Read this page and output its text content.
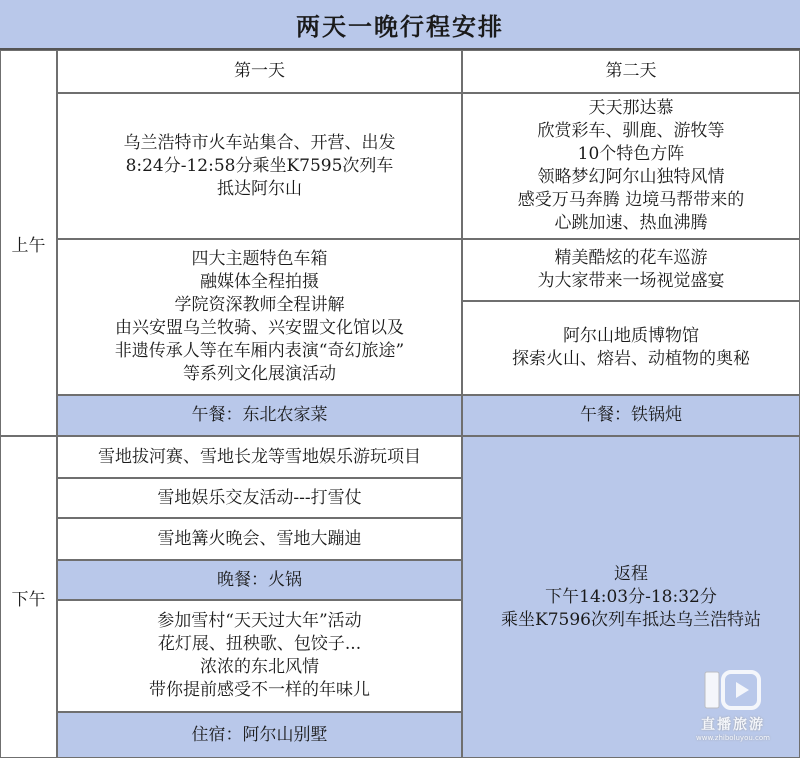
两天一晚行程安排
上午
下午
第一天	第二天
乌兰浩特市火车站集合、开营、出发
8:24分-12:58分乘坐K7595次列车
抵达阿尔山
四大主题特色车箱
融媒体全程拍摄
学院资深教师全程讲解
由兴安盟乌兰牧骑、兴安盟文化馆以及
非遗传承人等在车厢内表演“奇幻旅途”
等系列文化展演活动
午餐：东北农家菜
天天那达慕
欣赏彩车、驯鹿、游牧等
10个特色方阵
领略梦幻阿尔山独特风情
感受万马奔腾 边境马帮带来的
心跳加速、热血沸腾
精美酷炫的花车巡游
为大家带来一场视觉盛宴
阿尔山地质博物馆
探索火山、熔岩、动植物的奥秘
午餐：铁锅炖
雪地拔河赛、雪地长龙等雪地娱乐游玩项目
雪地娱乐交友活动---打雪仗
雪地篝火晚会、雪地大蹦迪
晚餐：火锅
参加雪村“天天过大年”活动
花灯展、扭秧歌、包饺子...
浓浓的东北风情
带你提前感受不一样的年味儿
住宿：阿尔山别墅
返程
下午14:03分-18:32分
乘坐K7596次列车抵达乌兰浩特站
直播旅游
www.zhiboluyou.com
